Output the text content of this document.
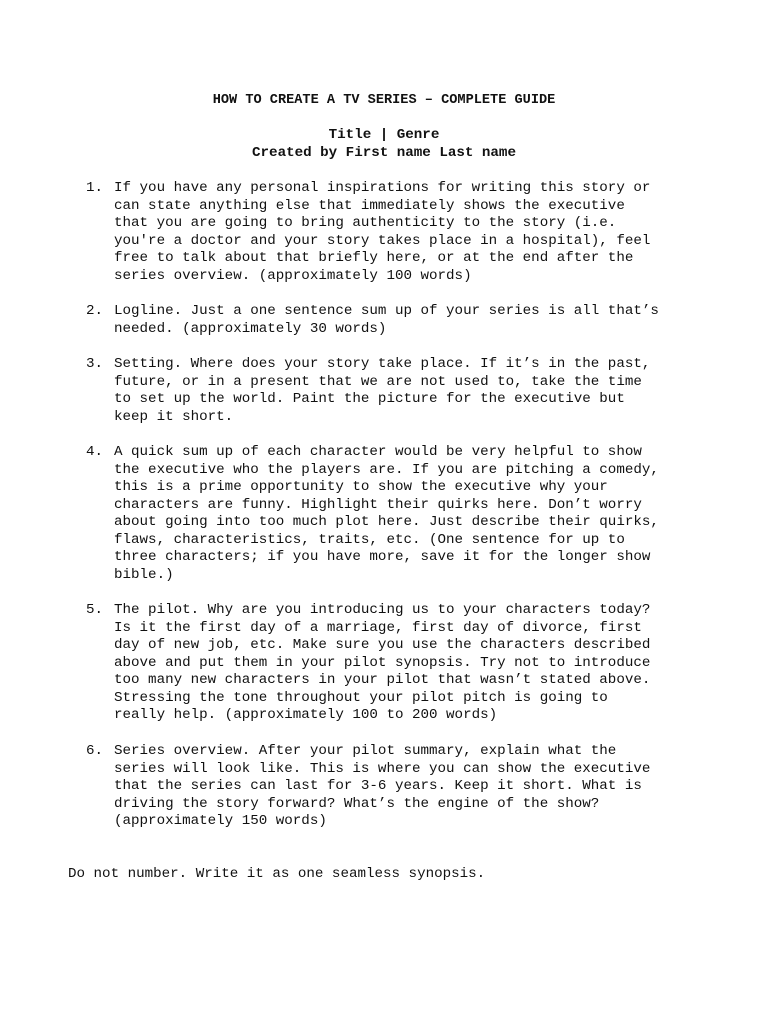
HOW TO CREATE A TV SERIES – COMPLETE GUIDE

Title | Genre

Created by First name Last name

1. If you have any personal inspirations for writing this story or
can state anything else that immediately shows the executive
that you are going to bring authenticity to the story (i.e.
you're a doctor and your story takes place in a hospital), feel
free to talk about that briefly here, or at the end after the
series overview. (approximately 100 words)

2. Logline. Just a one sentence sum up of your series is all that’s
needed. (approximately 30 words)

3. Setting. Where does your story take place. If it’s in the past,
future, or in a present that we are not used to, take the time
to set up the world. Paint the picture for the executive but
keep it short.

4. A quick sum up of each character would be very helpful to show
the executive who the players are. If you are pitching a comedy,
this is a prime opportunity to show the executive why your
characters are funny. Highlight their quirks here. Don’t worry
about going into too much plot here. Just describe their quirks,
flaws, characteristics, traits, etc. (One sentence for up to
three characters; if you have more, save it for the longer show
bible.)

5. The pilot. Why are you introducing us to your characters today?
Is it the first day of a marriage, first day of divorce, first
day of new job, etc. Make sure you use the characters described
above and put them in your pilot synopsis. Try not to introduce
too many new characters in your pilot that wasn’t stated above.
Stressing the tone throughout your pilot pitch is going to
really help. (approximately 100 to 200 words)

6. Series overview. After your pilot summary, explain what the
series will look like. This is where you can show the executive
that the series can last for 3-6 years. Keep it short. What is
driving the story forward? What’s the engine of the show?
(approximately 150 words)

Do not number. Write it as one seamless synopsis.
